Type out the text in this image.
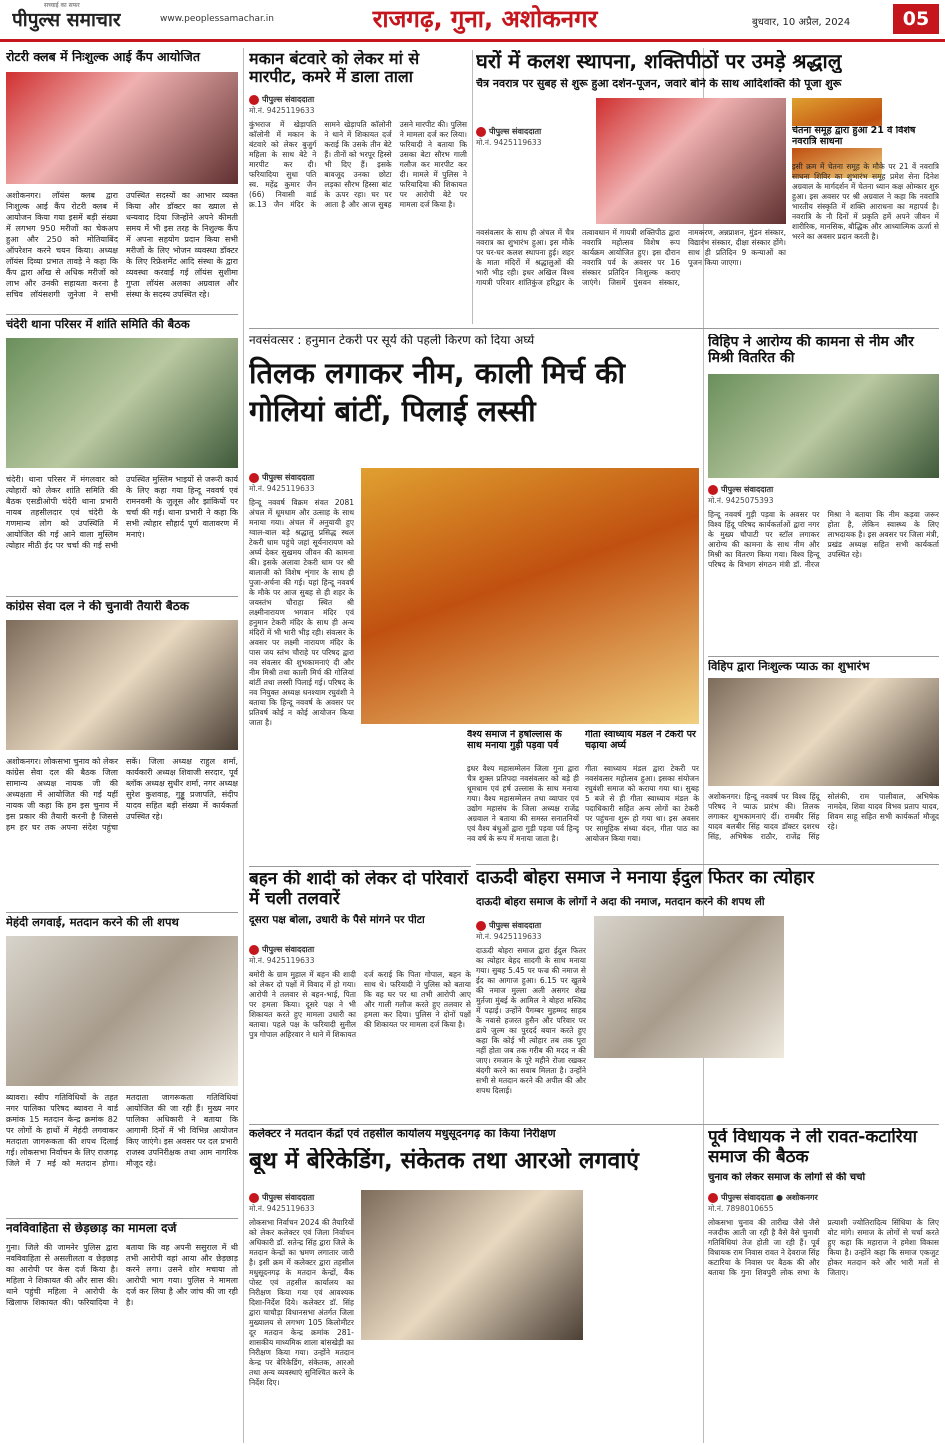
पीपुल्स समाचार
सच्चाई का सफर
www.peoplessamachar.in	राजगढ़, गुना, अशोकनगर	बुधवार, 10 अप्रैल, 2024	05
रोटरी क्लब में निःशुल्क आई कैंप आयोजित
अशोकनगर। लॉयंस क्लब द्वारा निःशुल्क आई कैंप रोटरी क्लब में आयोजन किया गया इसमें बड़ी संख्या में लगभग 950 मरीजों का चेकअप हुआ और 250 को मोतियाबिंद ऑपरेशन करने चयन किया। अध्यक्ष लॉयंस दिव्या प्रभात तावड़े ने कहा कि कैंप द्वारा आँख से अधिक मरीजों को लाभ और उनकी सहायता करना है सचिव लॉयंसशगी जुनेजा ने सभी उपस्थित सदस्यों का आभार व्यक्त किया और डॉक्टर का ख्याल से धन्यवाद दिया जिन्होंने अपने कीमती समय में भी इस तरह के निशुल्क कैंप में अपना सहयोग प्रदान किया सभी मरीजों के लिए भोजन व्यवस्था डॉक्टर के लिए रिफ्रेशमेंट आदि संस्था के द्वारा व्यवस्था करवाई गई लॉयंस सुशीमा गुप्ता लॉयंस अलका अग्रवाल और संस्था के सदस्य उपस्थित रहे।
चंदेरी थाना परिसर में शांति समिति की बैठक
चंदेरी। थाना परिसर में मंगलवार को त्योहारों को लेकर शांति समिति की बैठक एसडीओपी चंदेरी थाना प्रभारी नायब तहसीलदार एवं चंदेरी के गणमान्य लोग को उपस्थिति में आयोजित की गई आने वाला मुस्लिम त्योहार मीठी ईद पर चर्चा की गई सभी उपस्थित मुस्लिम भाइयों से जरूरी कार्य के लिए कहा गया हिन्दू नववर्ष एवं रामनवमी के जुलूस और झांकियों पर चर्चा की गई। थाना प्रभारी ने कहा कि सभी त्योहार सौहार्द पूर्ण वातावरण में मनाएं।
कांग्रेस सेवा दल ने की चुनावी तैयारी बैठक
अशोकनगर। लोकसभा चुनाव को लेकर कांग्रेस सेवा दल की बैठक जिला सामान्य अध्यक्ष नायक जी की अध्यक्षता में आयोजित की गई यहीं नायक जी कहा कि हम इस चुनाव में इस प्रकार की तैयारी करनी है जिससे हम हर घर तक अपना संदेश पहुंचा सकें। जिला अध्यक्ष राहुल शर्मा, कार्यकारी अध्यक्ष शिवाजी सरदार, पूर्व ब्लॉक अध्यक्ष सुधीर शर्मा, नगर अध्यक्ष सुरेश कुशवाह, गुड्डू प्रजापति, संदीप यादव सहित बड़ी संख्या में कार्यकर्ता उपस्थित रहे।
मेहंदी लगवाई, मतदान करने की ली शपथ
ब्यावरा। स्वीप गतिविधियों के तहत नगर पालिका परिषद ब्यावरा ने वार्ड क्रमांक 15 मतदान केन्द्र क्रमांक 82 पर लोगों के हाथों में मेहंदी लगवाकर मतदाता जागरूकता की शपथ दिलाई गई। लोकसभा निर्वाचन के लिए राजगढ़ जिले में 7 मई को मतदान होगा। मतदाता जागरूकता गतिविधियां आयोजित की जा रही हैं। मुख्य नगर पालिका अधिकारी ने बताया कि आगामी दिनों में भी विभिन्न आयोजन किए जाएंगे। इस अवसर पर दल प्रभारी राजस्व उपनिरीक्षक तथा आम नागरिक मौजूद रहे।
नवविवाहिता से छेड़छाड़ का मामला दर्ज
गुना। जिले की जामनेर पुलिस द्वारा नवविवाहिता से असलीलता व छेड़छाड़ का आरोपी पर केस दर्ज किया है। महिला ने शिकायत की और सास की। थाने पहुंची महिला ने आरोपी के खिलाफ शिकायत की। फरियादिया ने बताया कि वह अपनी ससुराल में थी तभी आरोपी वहां आया और छेड़छाड़ करने लगा। उसने शोर मचाया तो आरोपी भाग गया। पुलिस ने मामला दर्ज कर लिया है और जांच की जा रही है।
मकान बंटवारे को लेकर मां से मारपीट, कमरे में डाला ताला
पीपुल्स संवाददाता
मो.नं. 9425119633
कुंभराज में खेड़ापति कॉलोनी में मकान के बंटवारे को लेकर बुजुर्ग महिला के साथ बेटे ने मारपीट कर दी। फरियादिया सुधा पति स्व. महेंद्र कुमार जैन (66) निवासी वार्ड क्र.13 जैन मंदिर के सामने खेड़ापति कॉलोनी ने थाने में शिकायत दर्ज कराई कि उसके तीन बेटे हैं। तीनों को भरपूर हिस्से भी दिए हैं। इसके बावजूद उनका छोटा लड़का सौरभ हिस्सा बांट के ऊपर रहा। घर पर आता है और आज सुबह उसने मारपीट की। पुलिस ने मामला दर्ज कर लिया। फरियादी ने बताया कि उसका बेटा सौरभ गाली गलौज कर मारपीट कर दी। मामले में पुलिस ने फरियादिया की शिकायत पर आरोपी बेटे पर मामला दर्ज किया है।
घरों में कलश स्थापना, शक्तिपीठों पर उमड़े श्रद्धालु
चैत्र नवरात्र पर सुबह से शुरू हुआ दर्शन-पूजन, जवारे बोने के साथ आदिशक्ति की पूजा शुरू
पीपुल्स संवाददाता
मो.नं. 9425119633
नवसंवत्सर के साथ ही अंचल में चैत्र नवरात्र का शुभारंभ हुआ। इस मौके पर घर-घर कलश स्थापना हुई। शहर के माता मंदिरों में श्रद्धालुओं की भारी भीड़ रही। इधर अखिल विश्व गायत्री परिवार शांतिकुंज हरिद्वार के तत्वावधान में गायत्री शक्तिपीठ द्वारा नवरात्रि महोत्सव विशेष रूप कार्यक्रम आयोजित हुए। इस दौरान नवरात्रि पर्व के अवसर पर 16 संस्कार प्रतिदिन निःशुल्क कराए जाएंगे। जिसमें पुंसवन संस्कार, नामकरण, अन्नप्राशन, मुंडन संस्कार, विद्यारंभ संस्कार, दीक्षा संस्कार होंगे। साथ ही प्रतिदिन 9 कन्याओं का पूजन किया जाएगा।
चेतना समूह द्वारा हुआ 21 वें विशेष नवरात्रि साधना
इसी क्रम में चेतना समूह के मौके पर 21 वें नवरात्रि साधना शिविर का शुभारंभ समूह प्रमेश सेना दिनेश अग्रवाल के मार्गदर्शन में चेतना ध्यान कक्ष ओम्कार शुरु हुआ। इस अवसर पर श्री अग्रवाल ने कहा कि नवरात्रि भारतीय संस्कृति में शक्ति आराधना का महापर्व है। नवरात्रि के नौ दिनों में प्रकृति हमें अपने जीवन में शारीरिक, मानसिक, बौद्धिक और आध्यात्मिक ऊर्जा से भरने का अवसर प्रदान करती है।
नवसंवत्सर : हनुमान टेकरी पर सूर्य की पहली किरण को दिया अर्घ्य
तिलक लगाकर नीम, काली मिर्च की गोलियां बांटीं, पिलाई लस्सी
पीपुल्स संवाददाता
मो.नं. 9425119633
हिन्दू नववर्ष विक्रम संवत 2081 अंचल में धूमधाम और उत्साह के साथ मनाया गया। अंचल में अनुयायी हुए ग्वाल-बाल बड़े श्रद्धालु प्रसिद्ध स्थल टेकरी धाम पहुंचे जहां सूर्यनारायण को अर्घ्य देकर सुखमय जीवन की कामना की। इसके अलावा टेकरी धाम पर श्री बालाजी को विशेष शृंगार के साथ ही पुजा-अर्चना की गई। यहां हिन्दू नववर्ष के मौके पर आज सुबह से ही शहर के जयस्तंभ चौराहा स्थित श्री लक्ष्मीनारायण भगवान मंदिर एवं हनुमान टेकरी मंदिर के साथ ही अन्य मंदिरों में भी भारी भीड़ रही। संवत्सर के अवसर पर लक्ष्मी नारायण मंदिर के पास जय स्तंभ चौराहे पर परिषद द्वारा नव संवत्सर की शुभकामनाएं दी और नीम मिश्री तथा काली मिर्च की गोलियां बांटीं तथा लस्सी पिलाई गई। परिषद के नव नियुक्त अध्यक्ष धनश्याम रघुवंशी ने बताया कि हिन्दू नववर्ष के अवसर पर प्रतिवर्ष कोई न कोई आयोजन किया जाता है।
वैश्य समाज ने हर्षोल्लास के साथ मनाया गुड़ी पड़वा पर्व
इधर वैश्य महासम्मेलन जिला गुना द्वारा चैत्र शुक्ल प्रतिपदा नवसंवत्सर को बड़े ही धूमधाम एवं हर्ष उल्लास के साथ मनाया गया। वैश्य महासम्मेलन तथा व्यापार एवं उद्योग महासंघ के जिला अध्यक्ष राजेंद्र अग्रवाल ने बताया की समस्त सनातनियों एवं वैश्य बंधुओं द्वारा गुड़ी पड़वा पर्व हिन्दू नव वर्ष के रूप में मनाया जाता है।
गीता स्वाध्याय मंडल ने टेकरी पर चढ़ाया अर्घ्य
गीता स्वाध्याय मंडल द्वारा टेकरी पर नवसंवत्सर महोत्सव हुआ। इसका संयोजन रघुवंशी समाज को कराया गया था। सुबह 5 बजे से ही गीता स्वाध्याय मंडल के पदाधिकारी सहित अन्य लोगों का टेकरी पर पहुंचना शुरू हो गया था। इस अवसर पर सामूहिक संध्या वंदन, गीता पाठ का आयोजन किया गया।
विहिप ने आरोग्य की कामना से नीम और मिश्री वितरित की
पीपुल्स संवाददाता
मो.नं. 9425075393
हिन्दू नववर्ष गुड़ी पड़वा के अवसर पर विश्व हिंदू परिषद कार्यकर्ताओं द्वारा नगर के मुख्य चौपाटी पर स्टॉल लगाकर आरोग्य की कामना के साथ नीम और मिश्री का वितरण किया गया। विश्व हिन्दू परिषद के विभाग संगठन मंत्री डॉ. नीरज मिश्रा ने बताया कि नीम कड़वा जरूर होता है, लेकिन स्वास्थ्य के लिए लाभदायक है। इस अवसर पर जिला मंत्री, प्रखंड अध्यक्ष सहित सभी कार्यकर्ता उपस्थित रहे।
विहिप द्वारा निःशुल्क प्याऊ का शुभारंभ
अशोकनगर। हिन्दू नववर्ष पर विश्व हिंदू परिषद ने प्याऊ प्रारंभ की। तिलक लगाकर शुभकामनाएं दीं। रामबीर सिंह यादव बलबीर सिंह यादव डॉक्टर दशरथ सिंह, अभिषेक राठौर, राजेंद्र सिंह सोलंकी, राम पालीवाल, अभिषेक नामदेव, शिवा यादव विभव प्रताप यादव, शिवम साहू सहित सभी कार्यकर्ता मौजूद रहे।
बहन की शादी को लेकर दो परिवारों में चली तलवारें
दूसरा पक्ष बोला, उधारी के पैसे मांगने पर पीटा
पीपुल्स संवाददाता
मो.नं. 9425119633
बमोरी के ग्राम मुहाल में बहन की शादी को लेकर दो पक्षों में विवाद में हो गया। आरोपी ने तलवार से बहन-भाई, पिता पर हमला किया। दूसरे पक्ष ने भी शिकायत करते हुए मामला उधारी का बताया। पहले पक्ष के फरियादी सुनील पुत्र गोपाल अहिरवार ने थाने में शिकायत दर्ज कराई कि पिता गोपाल, बहन के साथ थे। फरियादी ने पुलिस को बताया कि वह घर पर था तभी आरोपी आए और गाली गलौज करते हुए तलवार से हमला कर दिया। पुलिस ने दोनों पक्षों की शिकायत पर मामला दर्ज किया है।
दाऊदी बोहरा समाज ने मनाया ईदुल फितर का त्योहार
दाऊदी बोहरा समाज के लोगों ने अदा की नमाज, मतदान करने की शपथ ली
पीपुल्स संवाददाता
मो.नं. 9425119633
दाऊदी बोहरा समाज द्वारा ईदुल फितर का त्योहार बेहद सादगी के साथ मनाया गया। सुबह 5.45 पर फज्र की नमाज से ईद का आगाज हुआ। 6.15 पर खुतबे की नमाज मुल्ला अली असगर शेख मुर्तजा मुंबई के आमिल ने बोहरा मस्जिद में पढ़ाई। उन्होंने पैगम्बर मुहम्मद साहब के नवासे हजरत हुसैन और परिवार पर ढाये जुल्म का पुरदर्द बयान करते हुए कहा कि कोई भी त्योहार तब तक पूरा नहीं होता जब तक गरीब की मदद न की जाए। रमजान के पूरे महीने रोजा रखकर बंदगी करने का सवाब मिलता है। उन्होंने सभी से मतदान करने की अपील की और शपथ दिलाई।
कलेक्टर ने मतदान केंद्रों एवं तहसील कार्यालय मधुसूदनगढ़ का किया निरीक्षण
बूथ में बेरिकेडिंग, संकेतक तथा आरओ लगवाएं
पीपुल्स संवाददाता
मो.नं. 9425119633
लोकसभा निर्वाचन 2024 की तैयारियों को लेकर कलेक्टर एवं जिला निर्वाचन अधिकारी डॉ. सतेन्द्र सिंह द्वारा जिले के मतदान केन्द्रों का भ्रमण लगातार जारी है। इसी क्रम में कलेक्टर द्वारा तहसील मधुसूदनगढ़ के मतदान केन्द्रों, बैंक पोस्ट एवं तहसील कार्यालय का निरीक्षण किया गया एवं आवश्यक दिशा-निर्देश दिये। कलेक्टर डॉ. सिंह द्वारा चाचौड़ा विधानसभा अंतर्गत जिला मुख्यालय से लगभग 105 किलोमीटर दूर मतदान केन्द्र क्रमांक 281-शासकीय माध्यमिक शाला बांसखेड़ी का निरीक्षण किया गया। उन्होंने मतदान केन्द्र पर बेरिकेडिंग, संकेतक, आरओ तथा अन्य व्यवस्थाएं सुनिश्चित करने के निर्देश दिए।
पूर्व विधायक ने ली रावत-कटारिया समाज की बैठक
चुनाव को लेकर समाज के लोगों से की चर्चा
पीपुल्स संवाददाता ● अशोकनगर
मो.नं. 7898010655
लोकसभा चुनाव की तारीख जैसे जैसे नजदीक आती जा रही है वैसे वैसे चुनावी गतिविधियां तेज होती जा रही हैं। पूर्व विधायक राम निवास रावत ने देवराज सिंह कटारिया के निवास पर बैठक की और बताया कि गुना शिवपुरी लोक सभा के प्रत्याशी ज्योतिरादित्य सिंधिया के लिए वोट मांगे। समाज के लोगों से चर्चा करते हुए कहा कि महाराज ने हमेशा विकास किया है। उन्होंने कहा कि समाज एकजुट होकर मतदान करे और भारी मतों से जिताए।
